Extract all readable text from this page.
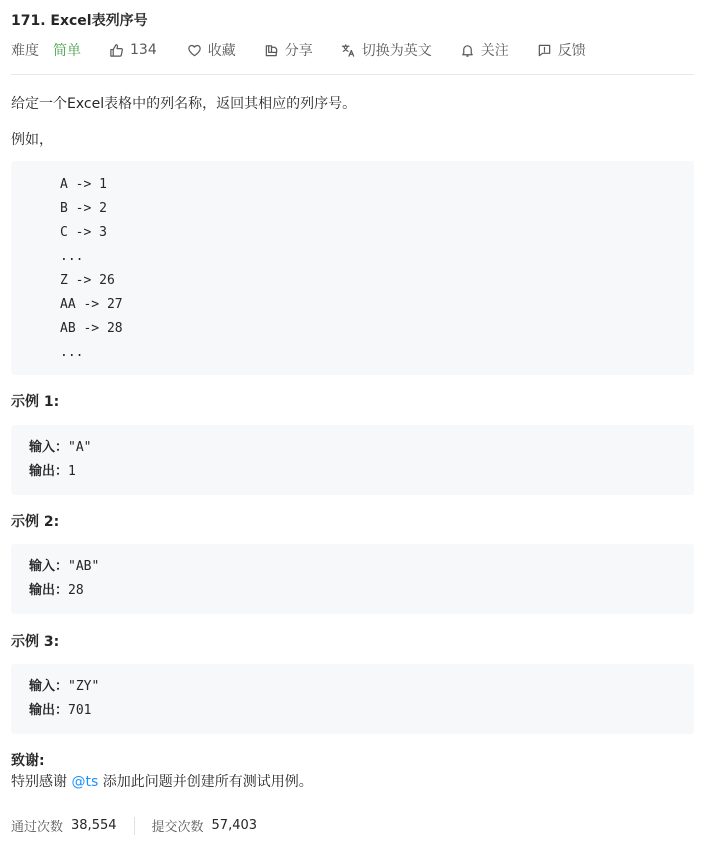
171. Excel表列序号
难度 简单	134	收藏	分享	切换为英文	关注	反馈
给定一个Excel表格中的列名称，返回其相应的列序号。
例如，
A -> 1
B -> 2
C -> 3
...
Z -> 26
AA -> 27
AB -> 28
...
示例 1:
输入："A"
输出：1
示例 2:
输入："AB"
输出：28
示例 3:
输入："ZY"
输出：701
致谢:
特别感谢 @ts 添加此问题并创建所有测试用例。
通过次数 38,554	提交次数 57,403
